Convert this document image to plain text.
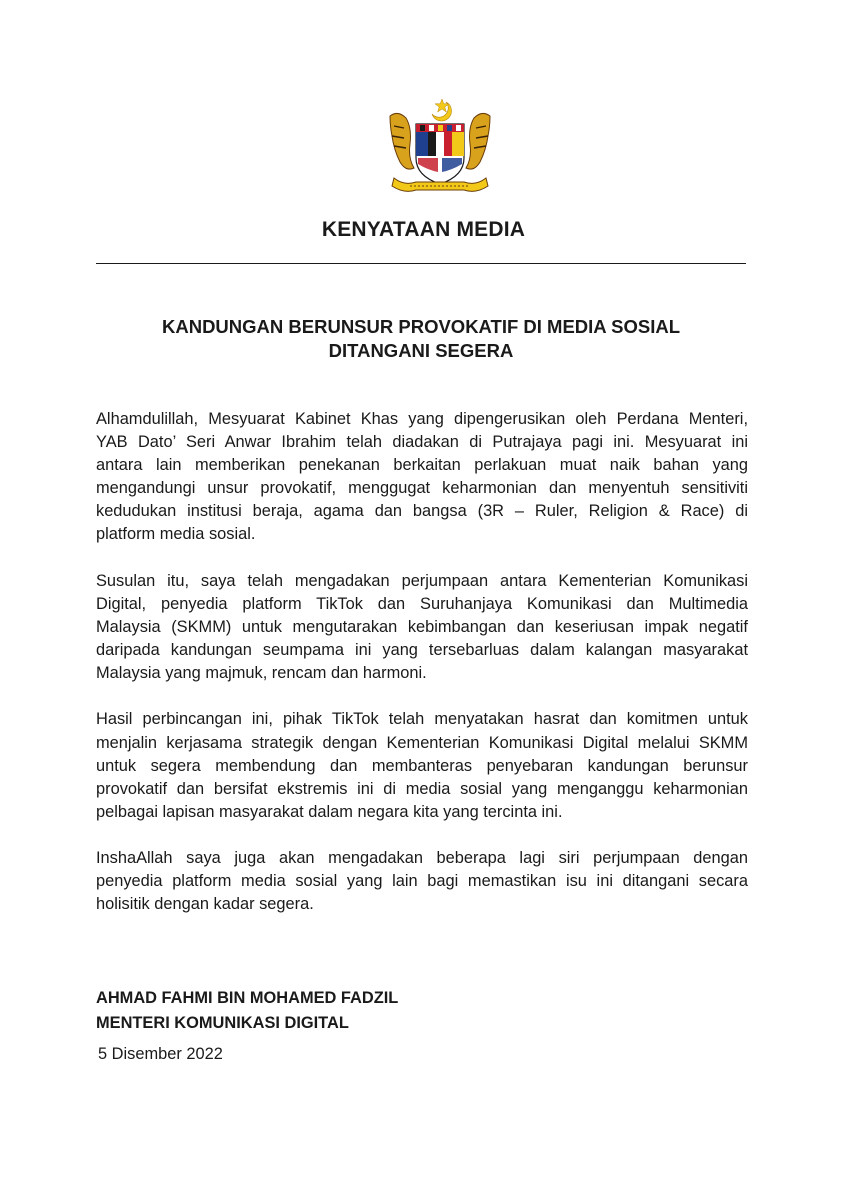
KENYATAAN MEDIA
KANDUNGAN BERUNSUR PROVOKATIF DI MEDIA SOSIAL
DITANGANI SEGERA
Alhamdulillah, Mesyuarat Kabinet Khas yang dipengerusikan oleh Perdana Menteri,
YAB Dato’ Seri Anwar Ibrahim telah diadakan di Putrajaya pagi ini. Mesyuarat ini
antara lain memberikan penekanan berkaitan perlakuan muat naik bahan yang
mengandungi unsur provokatif, menggugat keharmonian dan menyentuh sensitiviti
kedudukan institusi beraja, agama dan bangsa (3R – Ruler, Religion & Race) di
platform media sosial.
Susulan itu, saya telah mengadakan perjumpaan antara Kementerian Komunikasi
Digital, penyedia platform TikTok dan Suruhanjaya Komunikasi dan Multimedia
Malaysia (SKMM) untuk mengutarakan kebimbangan dan keseriusan impak negatif
daripada kandungan seumpama ini yang tersebarluas dalam kalangan masyarakat
Malaysia yang majmuk, rencam dan harmoni.
Hasil perbincangan ini, pihak TikTok telah menyatakan hasrat dan komitmen untuk
menjalin kerjasama strategik dengan Kementerian Komunikasi Digital melalui SKMM
untuk segera membendung dan membanteras penyebaran kandungan berunsur
provokatif dan bersifat ekstremis ini di media sosial yang menganggu keharmonian
pelbagai lapisan masyarakat dalam negara kita yang tercinta ini.
InshaAllah saya juga akan mengadakan beberapa lagi siri perjumpaan dengan
penyedia platform media sosial yang lain bagi memastikan isu ini ditangani secara
holisitik dengan kadar segera.
AHMAD FAHMI BIN MOHAMED FADZIL
MENTERI KOMUNIKASI DIGITAL
5 Disember 2022
